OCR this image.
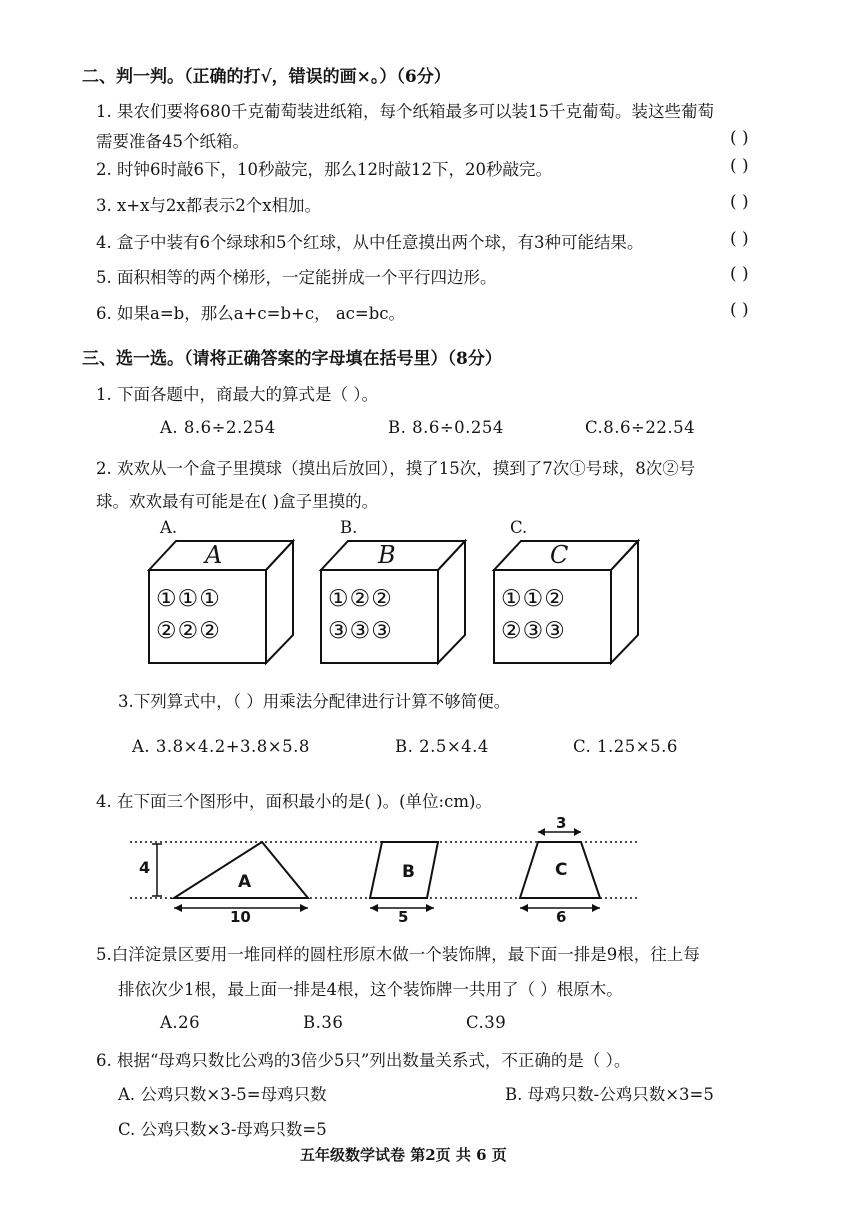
二、判一判。（正确的打√，错误的画×。）（6分）
1. 果农们要将680千克葡萄装进纸箱，每个纸箱最多可以装15千克葡萄。装这些葡萄
需要准备45个纸箱。	( )
2. 时钟6时敲6下，10秒敲完，那么12时敲12下，20秒敲完。	( )
3. x+x与2x都表示2个x相加。	( )
4. 盒子中装有6个绿球和5个红球，从中任意摸出两个球，有3种可能结果。	( )
5. 面积相等的两个梯形，一定能拼成一个平行四边形。	( )
6. 如果a=b，那么a+c=b+c， ac=bc。	( )
三、选一选。（请将正确答案的字母填在括号里）（8分）
1. 下面各题中，商最大的算式是（ ）。
A. 8.6÷2.254	B. 8.6÷0.254	C.8.6÷22.54
2. 欢欢从一个盒子里摸球（摸出后放回），摸了15次，摸到了7次①号球，8次②号
球。欢欢最有可能是在( )盒子里摸的。
A.	B.	C.
A
①①①
②②②
B
①②②
③③③
C
①①②
②③③
3.下列算式中，（ ）用乘法分配律进行计算不够简便。
A. 3.8×4.2+3.8×5.8	B. 2.5×4.4	C. 1.25×5.6
4. 在下面三个图形中，面积最小的是( )。(单位:cm)。
4
A
10
B
5
3
C
6
5.白洋淀景区要用一堆同样的圆柱形原木做一个装饰牌，最下面一排是9根，往上每
排依次少1根，最上面一排是4根，这个装饰牌一共用了（ ）根原木。
A.26	B.36	C.39
6. 根据“母鸡只数比公鸡的3倍少5只”列出数量关系式，不正确的是（ ）。
A. 公鸡只数×3-5=母鸡只数	B. 母鸡只数-公鸡只数×3=5
C. 公鸡只数×3-母鸡只数=5
五年级数学试卷 第2页 共 6 页
